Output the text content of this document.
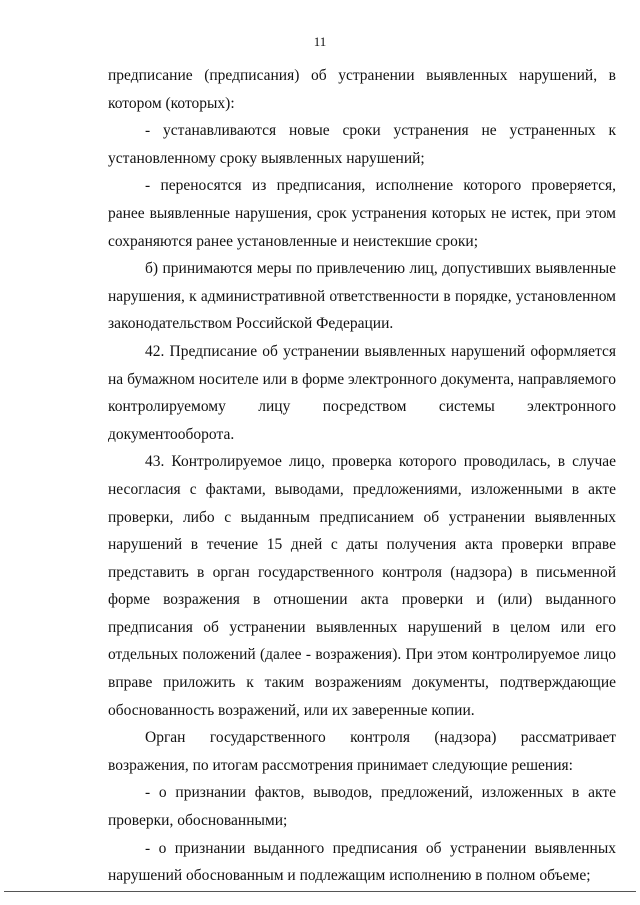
11

предписание (предписания) об устранении выявленных нарушений, в котором (которых):

- устанавливаются новые сроки устранения не устраненных к установленному сроку выявленных нарушений;

- переносятся из предписания, исполнение которого проверяется, ранее выявленные нарушения, срок устранения которых не истек, при этом сохраняются ранее установленные и неистекшие сроки;

б) принимаются меры по привлечению лиц, допустивших выявленные нарушения, к административной ответственности в порядке, установленном законодательством Российской Федерации.

42. Предписание об устранении выявленных нарушений оформляется на бумажном носителе или в форме электронного документа, направляемого контролируемому лицу посредством системы электронного

документооборота.

43. Контролируемое лицо, проверка которого проводилась, в случае несогласия с фактами, выводами, предложениями, изложенными в акте проверки, либо с выданным предписанием об устранении выявленных нарушений в течение 15 дней с даты получения акта проверки вправе представить в орган государственного контроля (надзора) в письменной форме возражения в отношении акта проверки и (или) выданного предписания об устранении выявленных нарушений в целом или его отдельных положений (далее - возражения). При этом контролируемое лицо вправе приложить к таким возражениям документы, подтверждающие обоснованность возражений, или их заверенные копии.

Орган государственного контроля (надзора) рассматривает возражения, по итогам рассмотрения принимает следующие решения:

- о признании фактов, выводов, предложений, изложенных в акте проверки, обоснованными;

- о признании выданного предписания об устранении выявленных нарушений обоснованным и подлежащим исполнению в полном объеме;
